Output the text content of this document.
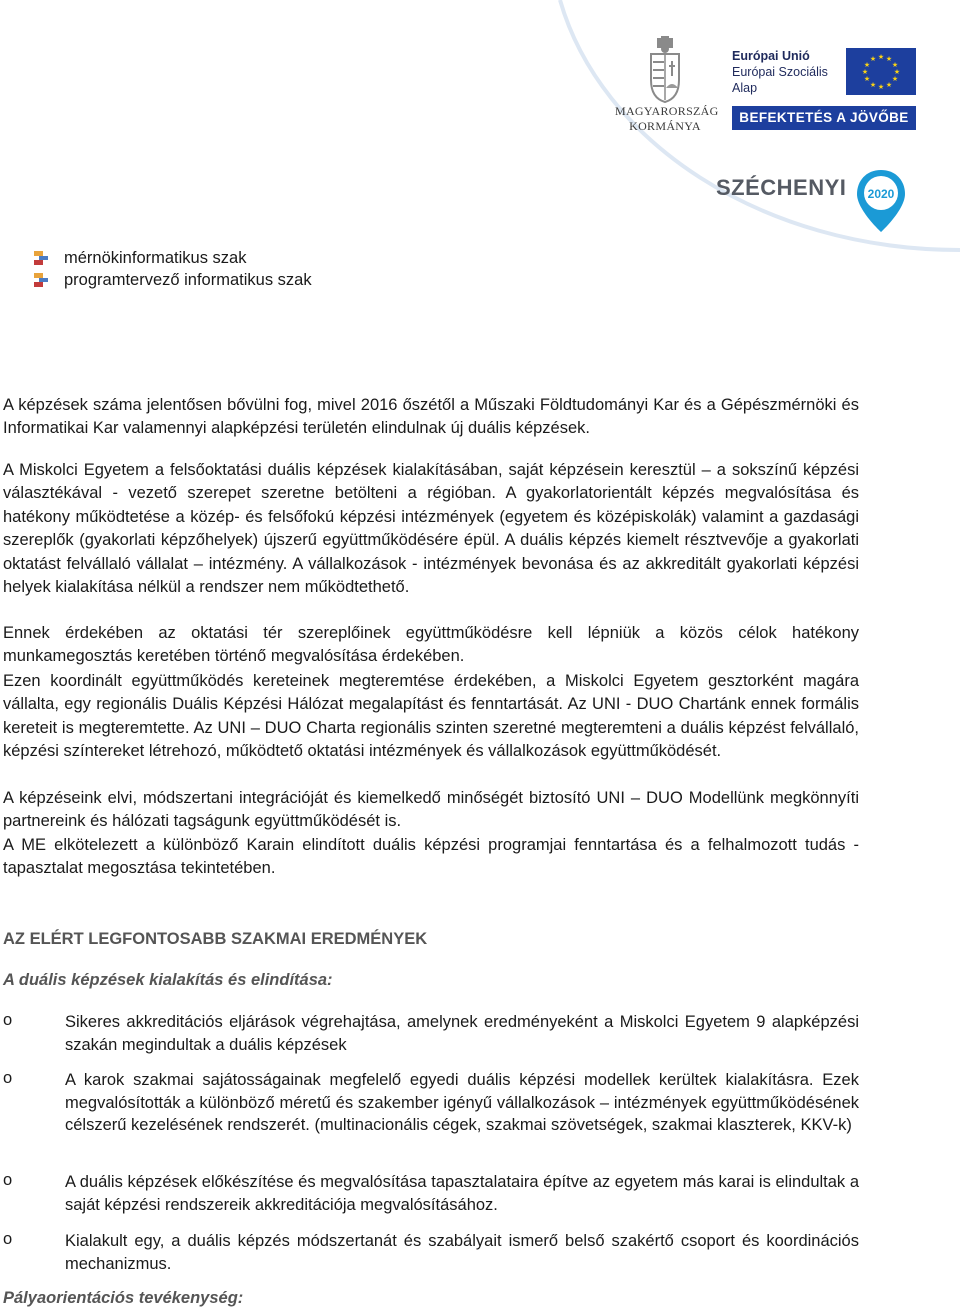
MAGYARORSZÁG
KORMÁNYA
Európai Unió
Európai Szociális
Alap
★ ★
★
★
★
★
★
★
★
★
★
★
BEFEKTETÉS A JÖVŐBE
SZÉCHENYI 2020
mérnökinformatikus szak
programtervező informatikus szak

A képzések száma jelentősen bővülni fog, mivel 2016 őszétől a Műszaki Földtudományi Kar és a Gépészmérnöki és Informatikai Kar valamennyi alapképzési területén elindulnak új duális képzések.

A Miskolci Egyetem a felsőoktatási duális képzések kialakításában, saját képzésein keresztül – a sokszínű képzési választékával - vezető szerepet szeretne betölteni a régióban. A gyakorlatorientált képzés megvalósítása és hatékony működtetése a közép- és felsőfokú képzési intézmények (egyetem és középiskolák) valamint a gazdasági szereplők (gyakorlati képzőhelyek) újszerű együttműködésére épül. A duális képzés kiemelt résztvevője a gyakorlati oktatást felvállaló vállalat – intézmény. A vállalkozások - intézmények bevonása és az akkreditált gyakorlati képzési helyek kialakítása nélkül a rendszer nem működtethető.

Ennek érdekében az oktatási tér szereplőinek együttműködésre kell lépniük a közös célok hatékony munkamegosztás keretében történő megvalósítása érdekében.

Ezen koordinált együttműködés kereteinek megteremtése érdekében, a Miskolci Egyetem gesztorként magára vállalta, egy regionális Duális Képzési Hálózat megalapítást és fenntartását. Az UNI - DUO Chartánk ennek formális kereteit is megteremtette. Az UNI – DUO Charta regionális szinten szeretné megteremteni a duális képzést felvállaló, képzési színtereket létrehozó, működtető oktatási intézmények és vállalkozások együttműködését.

A képzéseink elvi, módszertani integrációját és kiemelkedő minőségét biztosító UNI – DUO Modellünk megkönnyíti partnereink és hálózati tagságunk együttműködését is.

A ME elkötelezett a különböző Karain elindított duális képzési programjai fenntartása és a felhalmozott tudás - tapasztalat megosztása tekintetében.

AZ ELÉRT LEGFONTOSABB SZAKMAI EREDMÉNYEK
A duális képzések kialakítás és elindítása:
o	Sikeres akkreditációs eljárások végrehajtása, amelynek eredményeként a Miskolci Egyetem 9 alapképzési szakán megindultak a duális képzések
o	A karok szakmai sajátosságainak megfelelő egyedi duális képzési modellek kerültek kialakításra. Ezek megvalósították a különböző méretű és szakember igényű vállalkozások – intézmények együttműködésének célszerű kezelésének rendszerét. (multinacionális cégek, szakmai szövetségek, szakmai klaszterek, KKV-k)
o	A duális képzések előkészítése és megvalósítása tapasztalataira építve az egyetem más karai is elindultak a saját képzési rendszereik akkreditációja megvalósításához.
o	Kialakult egy, a duális képzés módszertanát és szabályait ismerő belső szakértő csoport és koordinációs mechanizmus.
Pályaorientációs tevékenység:
